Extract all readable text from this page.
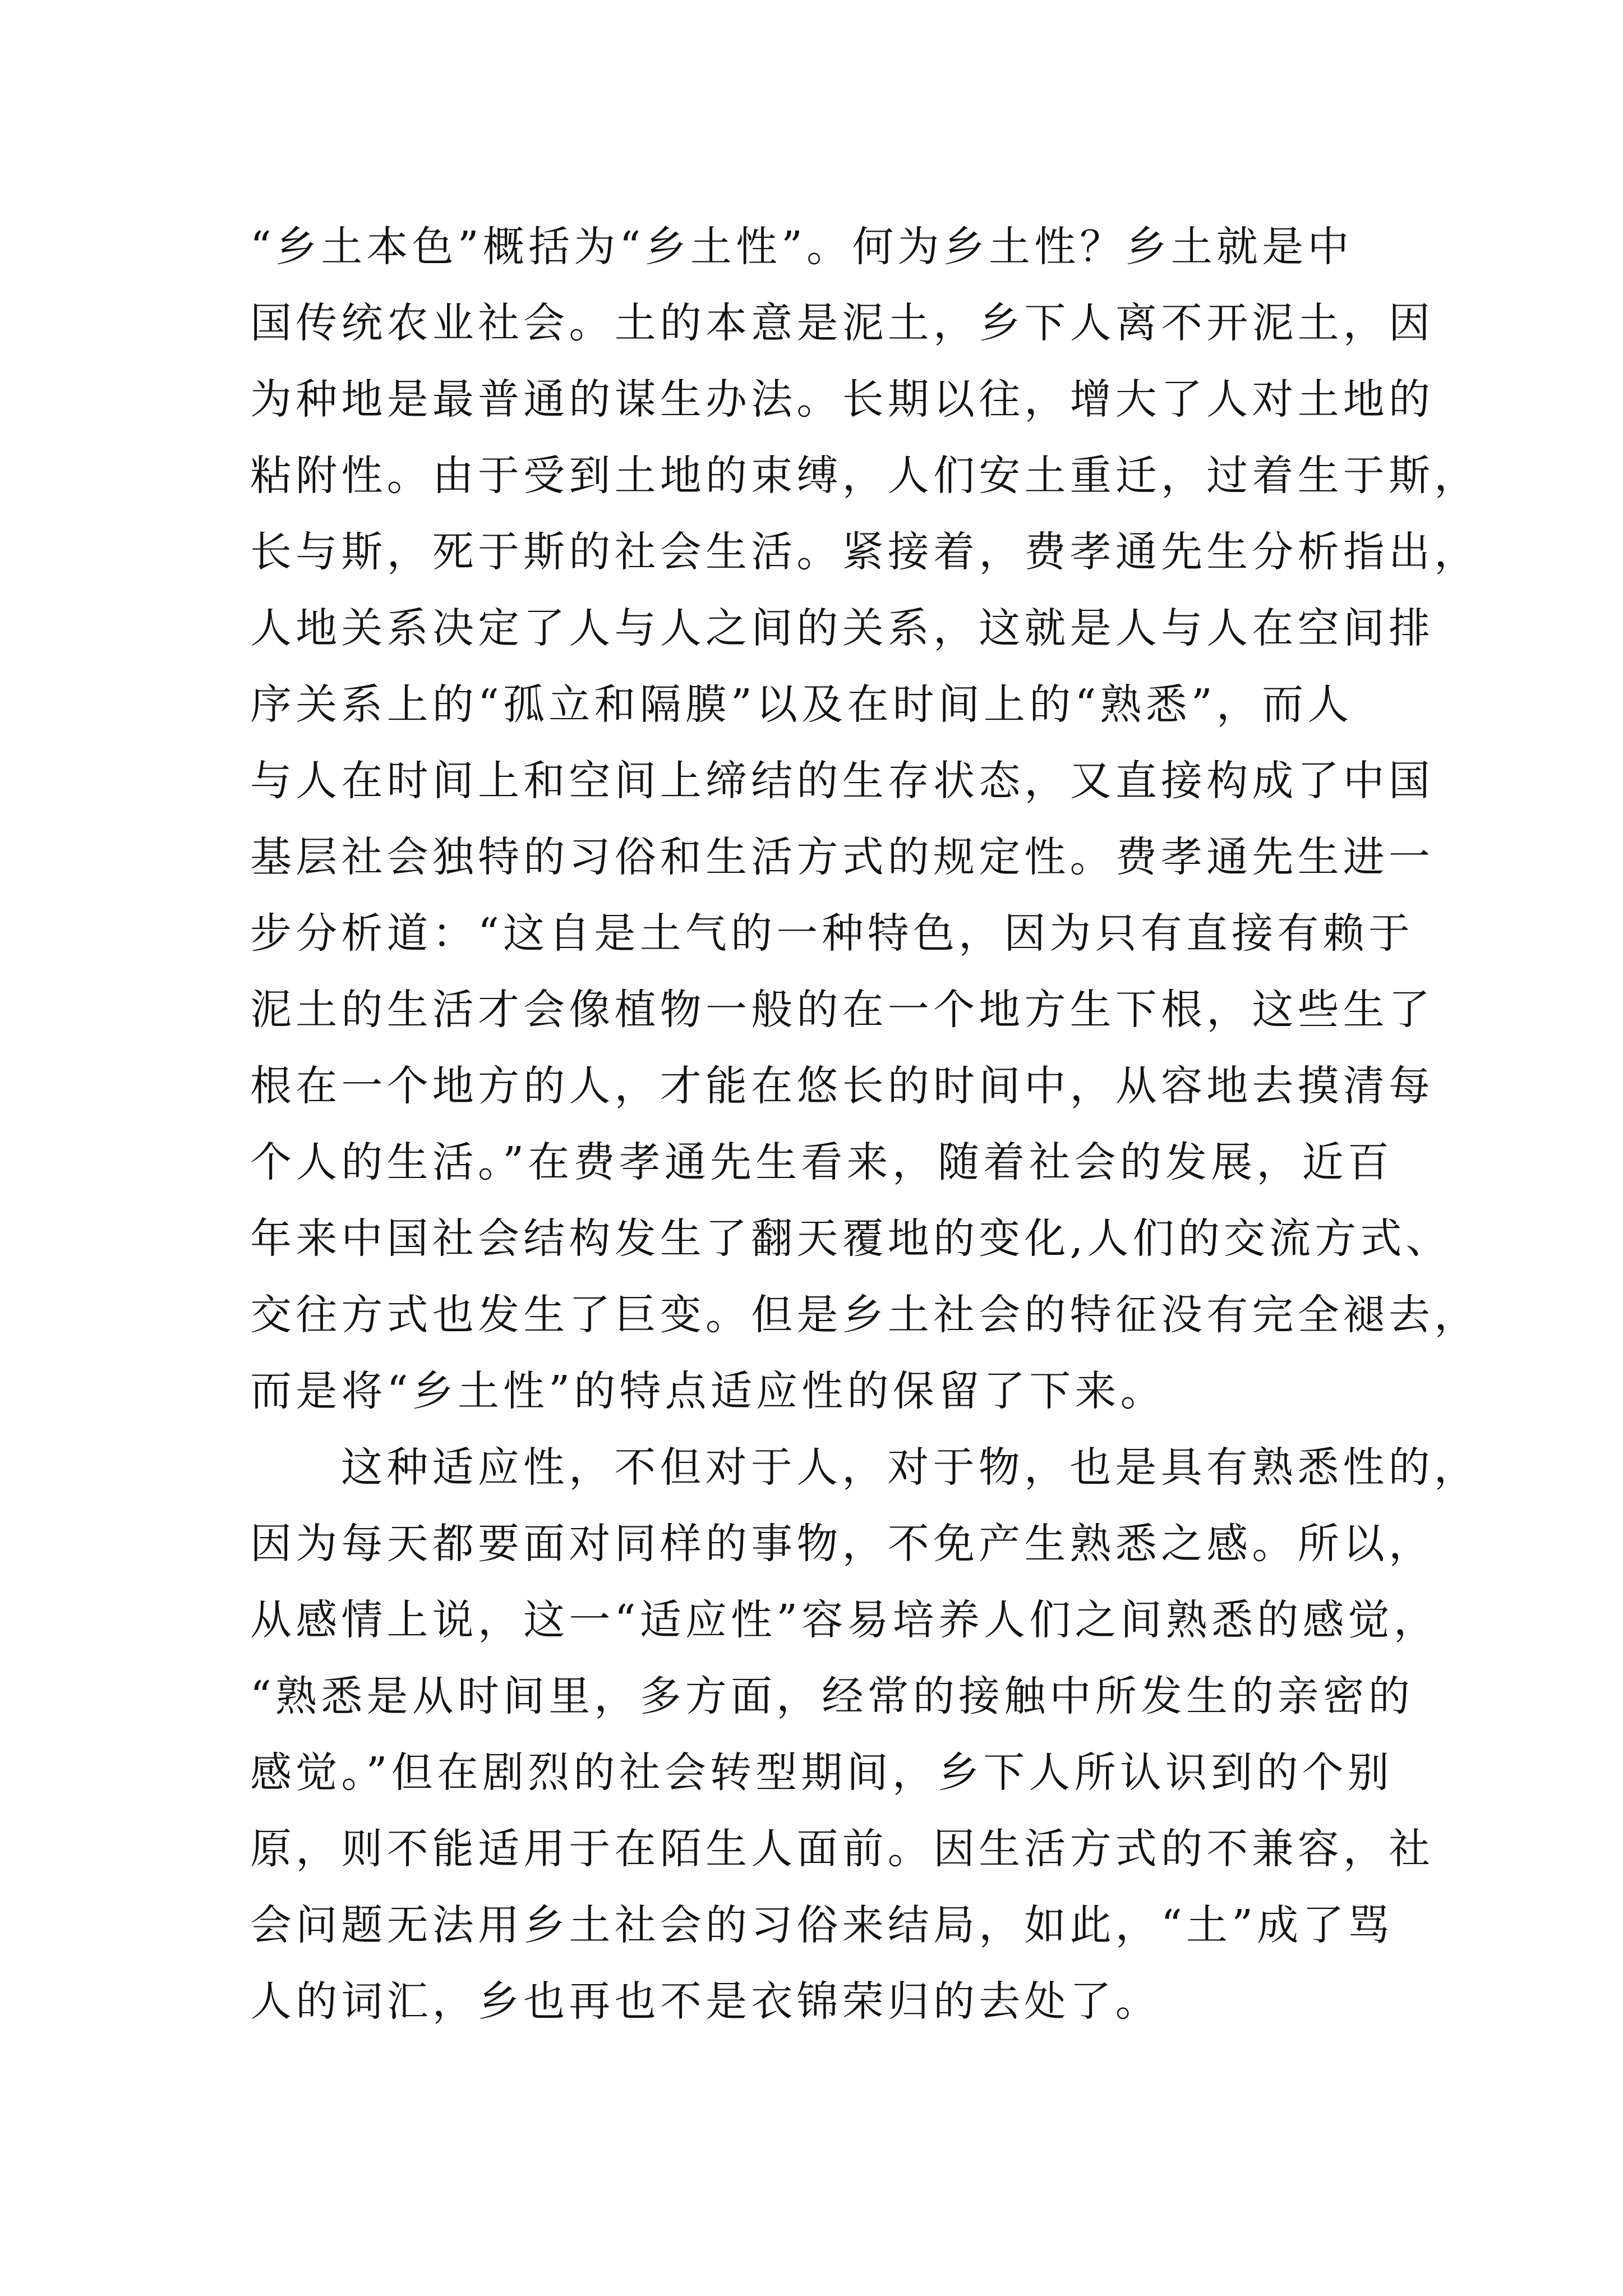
“乡土本色”概括为“乡土性”。何为乡土性？乡土就是中
国传统农业社会。土的本意是泥土，乡下人离不开泥土，因
为种地是最普通的谋生办法。长期以往，增大了人对土地的
粘附性。由于受到土地的束缚，人们安土重迁，过着生于斯，
长与斯，死于斯的社会生活。紧接着，费孝通先生分析指出，
人地关系决定了人与人之间的关系，这就是人与人在空间排
序关系上的“孤立和隔膜”以及在时间上的“熟悉”，而人
与人在时间上和空间上缔结的生存状态，又直接构成了中国
基层社会独特的习俗和生活方式的规定性。费孝通先生进一
步分析道：“这自是土气的一种特色，因为只有直接有赖于
泥土的生活才会像植物一般的在一个地方生下根，这些生了
根在一个地方的人，才能在悠长的时间中，从容地去摸清每
个人的生活。”在费孝通先生看来，随着社会的发展，近百
年来中国社会结构发生了翻天覆地的变化,人们的交流方式、
交往方式也发生了巨变。但是乡土社会的特征没有完全褪去，
而是将“乡土性”的特点适应性的保留了下来。
这种适应性，不但对于人，对于物，也是具有熟悉性的，
因为每天都要面对同样的事物，不免产生熟悉之感。所以，
从感情上说，这一“适应性”容易培养人们之间熟悉的感觉，
“熟悉是从时间里，多方面，经常的接触中所发生的亲密的
感觉。”但在剧烈的社会转型期间，乡下人所认识到的个别
原，则不能适用于在陌生人面前。因生活方式的不兼容，社
会问题无法用乡土社会的习俗来结局，如此，“土”成了骂
人的词汇，乡也再也不是衣锦荣归的去处了。
